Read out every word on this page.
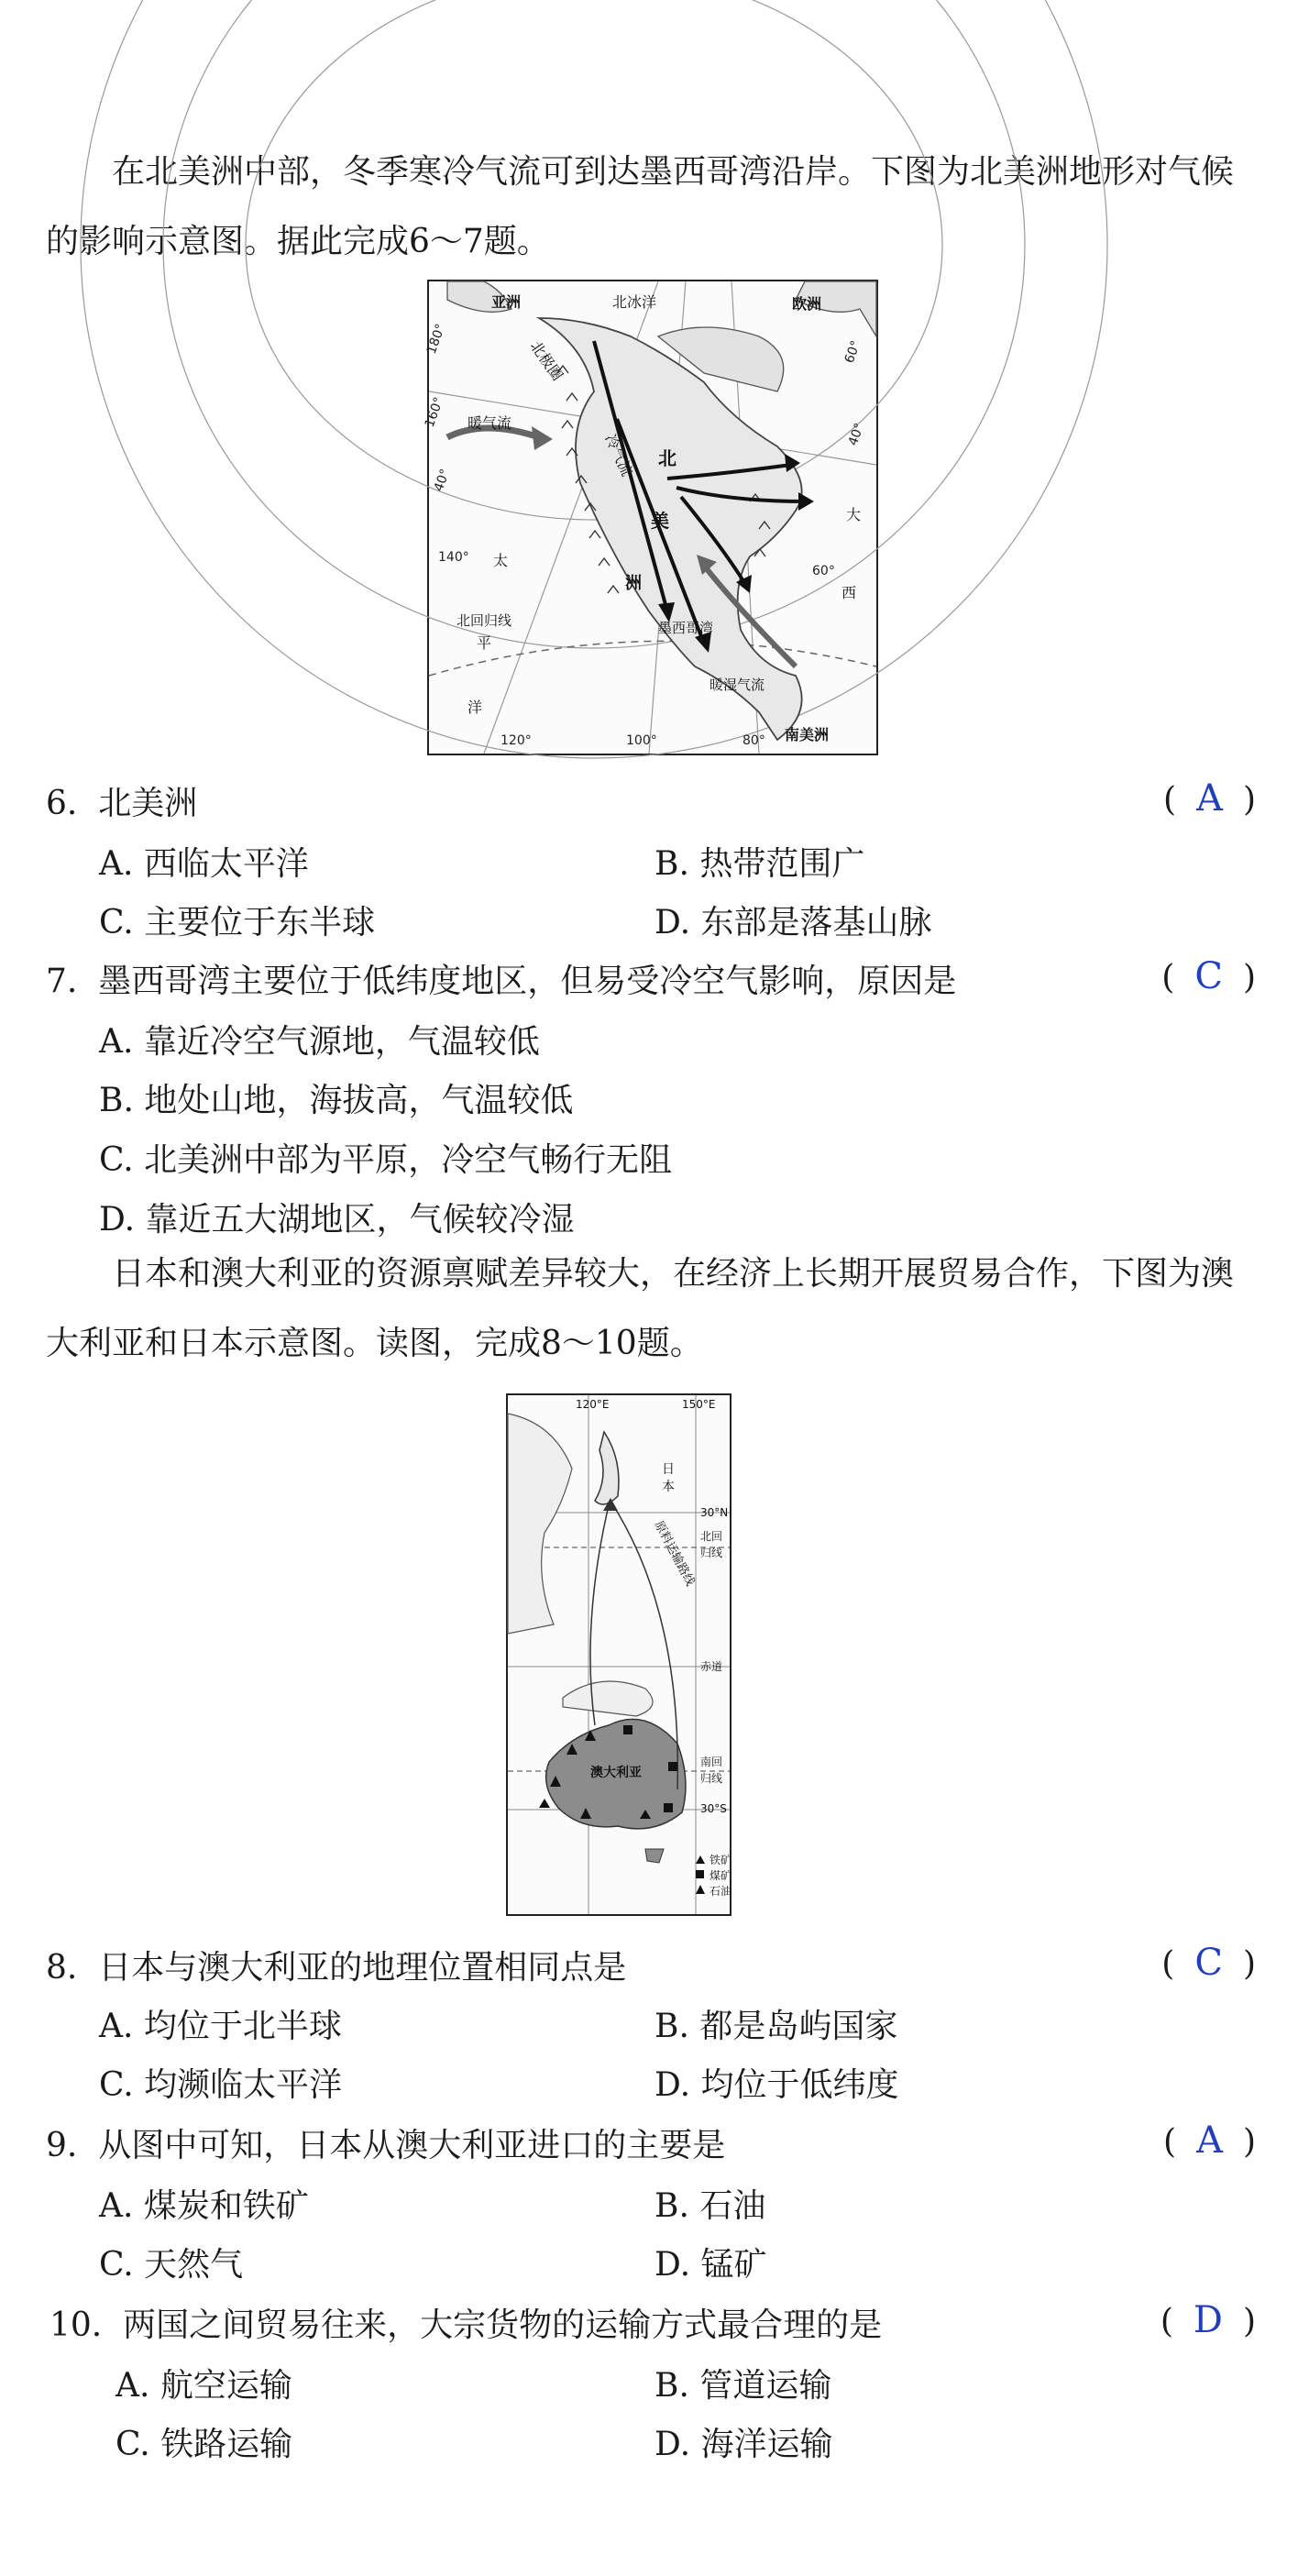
在北美洲中部，冬季寒冷气流可到达墨西哥湾沿岸。下图为北美洲地形对气候的影响示意图。据此完成6～7题。

亚洲	欧洲
北冰洋
北极圈
北
美
洲
暖气流
冷气流
太
平
洋
北回归线	墨西哥湾
暖湿气流
南美洲
大
西
120°	100°	80°
140°
160°
180°
40°
40°
60°
60°
6. 北美洲	( A )
A. 西临太平洋	B. 热带范围广
C. 主要位于东半球	D. 东部是落基山脉
7. 墨西哥湾主要位于低纬度地区，但易受冷空气影响，原因是	( C )
A. 靠近冷空气源地，气温较低
B. 地处山地，海拔高，气温较低
C. 北美洲中部为平原，冷空气畅行无阻
D. 靠近五大湖地区，气候较冷湿

日本和澳大利亚的资源禀赋差异较大，在经济上长期开展贸易合作，下图为澳大利亚和日本示意图。读图，完成8～10题。

120°E	150°E
日
本
30°N
北回
归线
原料运输路线
赤道
南回
归线
30°S
澳大利亚
铁矿
煤矿
石油
8. 日本与澳大利亚的地理位置相同点是	( C )
A. 均位于北半球	B. 都是岛屿国家
C. 均濒临太平洋	D. 均位于低纬度
9. 从图中可知，日本从澳大利亚进口的主要是	( A )
A. 煤炭和铁矿	B. 石油
C. 天然气	D. 锰矿
10. 两国之间贸易往来，大宗货物的运输方式最合理的是	( D )
A. 航空运输	B. 管道运输
C. 铁路运输	D. 海洋运输
